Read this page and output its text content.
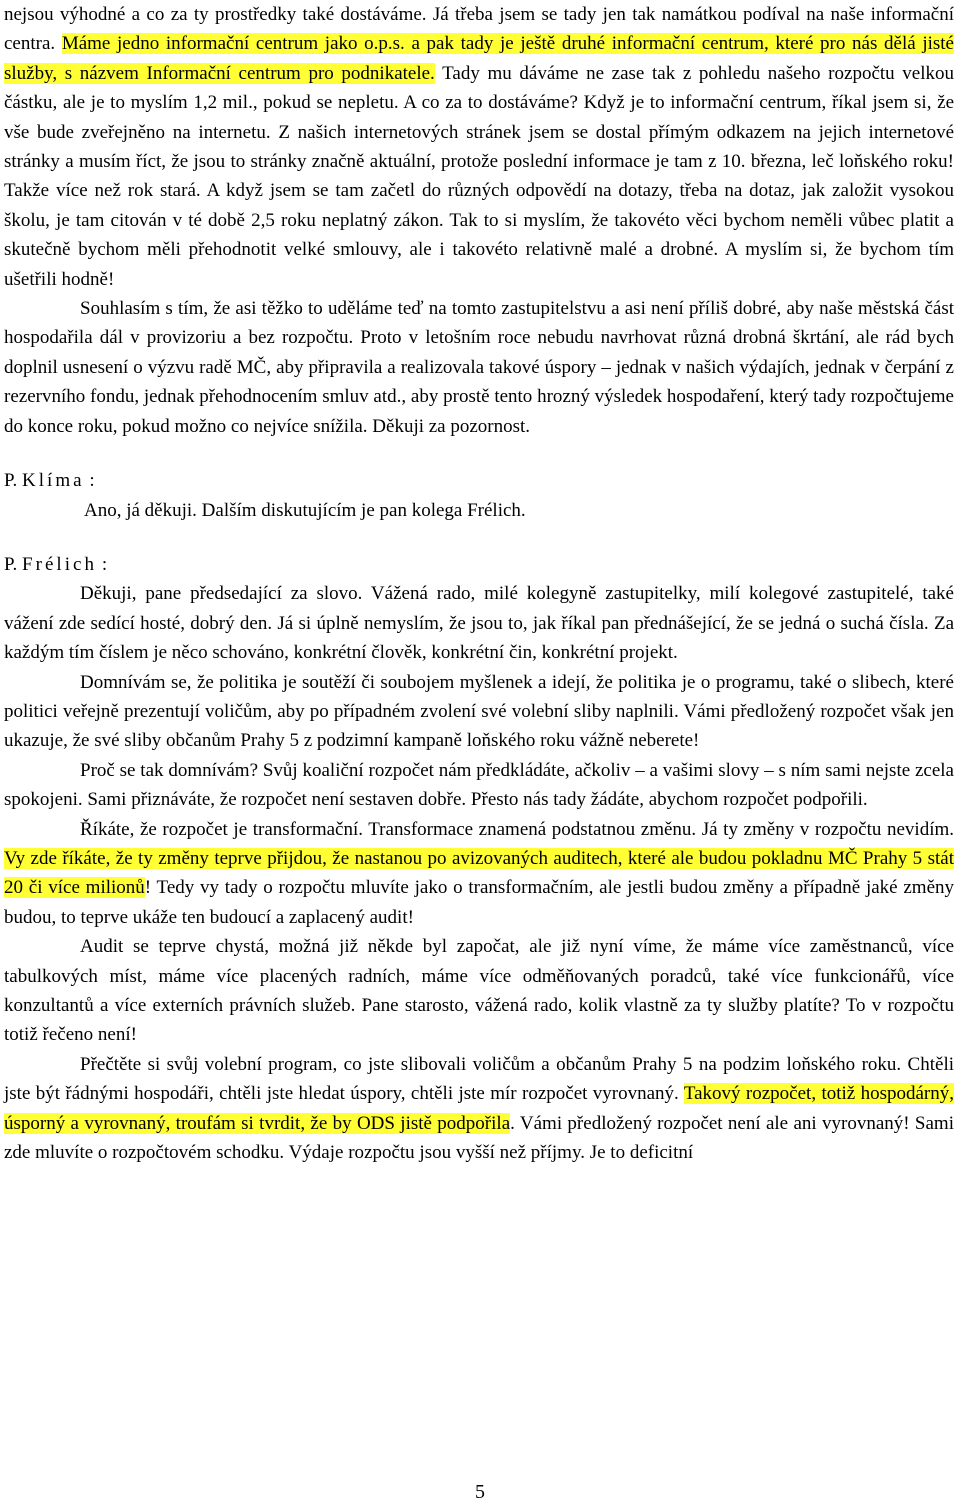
nejsou výhodné a co za ty prostředky také dostáváme. Já třeba jsem se tady jen tak namátkou podíval na naše informační centra. Máme jedno informační centrum jako o.p.s. a pak tady je ještě druhé informační centrum, které pro nás dělá jisté služby, s názvem Informační centrum pro podnikatele. Tady mu dáváme ne zase tak z pohledu našeho rozpočtu velkou částku, ale je to myslím 1,2 mil., pokud se nepletu. A co za to dostáváme? Když je to informační centrum, říkal jsem si, že vše bude zveřejněno na internetu. Z našich internetových stránek jsem se dostal přímým odkazem na jejich internetové stránky a musím říct, že jsou to stránky značně aktuální, protože poslední informace je tam z 10. března, leč loňského roku! Takže více než rok stará. A když jsem se tam začetl do různých odpovědí na dotazy, třeba na dotaz, jak založit vysokou školu, je tam citován v té době 2,5 roku neplatný zákon. Tak to si myslím, že takovéto věci bychom neměli vůbec platit a skutečně bychom měli přehodnotit velké smlouvy, ale i takovéto relativně malé a drobné. A myslím si, že bychom tím ušetřili hodně!

Souhlasím s tím, že asi těžko to uděláme teď na tomto zastupitelstvu a asi není příliš dobré, aby naše městská část hospodařila dál v provizoriu a bez rozpočtu. Proto v letošním roce nebudu navrhovat různá drobná škrtání, ale rád bych doplnil usnesení o výzvu radě MČ, aby připravila a realizovala takové úspory – jednak v našich výdajích, jednak v čerpání z rezervního fondu, jednak přehodnocením smluv atd., aby prostě tento hrozný výsledek hospodaření, který tady rozpočtujeme do konce roku, pokud možno co nejvíce snížila. Děkuji za pozornost.

P. Klíma :

Ano, já děkuji. Dalším diskutujícím je pan kolega Frélich.

P. Frélich :

Děkuji, pane předsedající za slovo. Vážená rado, milé kolegyně zastupitelky, milí kolegové zastupitelé, také vážení zde sedící hosté, dobrý den. Já si úplně nemyslím, že jsou to, jak říkal pan přednášející, že se jedná o suchá čísla. Za každým tím číslem je něco schováno, konkrétní člověk, konkrétní čin, konkrétní projekt.

Domnívám se, že politika je soutěží či soubojem myšlenek a idejí, že politika je o programu, také o slibech, které politici veřejně prezentují voličům, aby po případném zvolení své volební sliby naplnili. Vámi předložený rozpočet však jen ukazuje, že své sliby občanům Prahy 5 z podzimní kampaně loňského roku vážně neberete!

Proč se tak domnívám? Svůj koaliční rozpočet nám předkládáte, ačkoliv – a vašimi slovy – s ním sami nejste zcela spokojeni. Sami přiznáváte, že rozpočet není sestaven dobře. Přesto nás tady žádáte, abychom rozpočet podpořili.

Říkáte, že rozpočet je transformační. Transformace znamená podstatnou změnu. Já ty změny v rozpočtu nevidím. Vy zde říkáte, že ty změny teprve přijdou, že nastanou po avizovaných auditech, které ale budou pokladnu MČ Prahy 5 stát 20 či více milionů! Tedy vy tady o rozpočtu mluvíte jako o transformačním, ale jestli budou změny a případně jaké změny budou, to teprve ukáže ten budoucí a zaplacený audit!

Audit se teprve chystá, možná již někde byl započat, ale již nyní víme, že máme více zaměstnanců, více tabulkových míst, máme více placených radních, máme více odměňovaných poradců, také více funkcionářů, více konzultantů a více externích právních služeb. Pane starosto, vážená rado, kolik vlastně za ty služby platíte? To v rozpočtu totiž řečeno není!

Přečtěte si svůj volební program, co jste slibovali voličům a občanům Prahy 5 na podzim loňského roku. Chtěli jste být řádnými hospodáři, chtěli jste hledat úspory, chtěli jste mír rozpočet vyrovnaný. Takový rozpočet, totiž hospodárný, úsporný a vyrovnaný, troufám si tvrdit, že by ODS jistě podpořila. Vámi předložený rozpočet není ale ani vyrovnaný! Sami zde mluvíte o rozpočtovém schodku. Výdaje rozpočtu jsou vyšší než příjmy. Je to deficitní

5
